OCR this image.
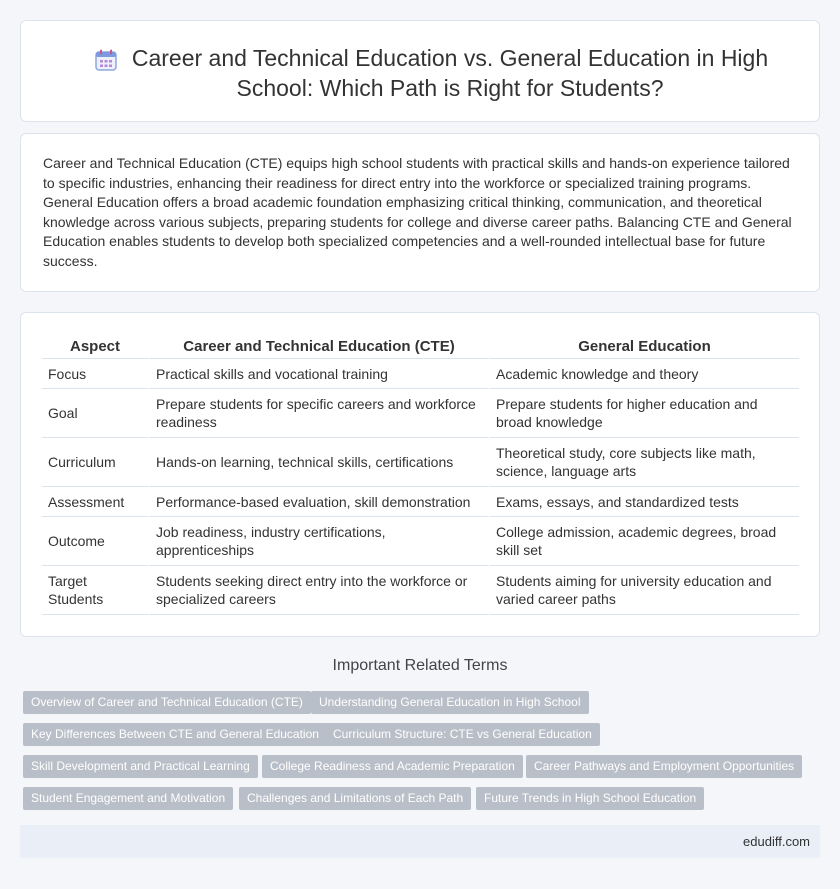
Career and Technical Education vs. General Education in High School: Which Path is Right for Students?

Career and Technical Education (CTE) equips high school students with practical skills and hands-on experience tailored to specific industries, enhancing their readiness for direct entry into the workforce or specialized training programs. General Education offers a broad academic foundation emphasizing critical thinking, communication, and theoretical knowledge across various subjects, preparing students for college and diverse career paths. Balancing CTE and General Education enables students to develop both specialized competencies and a well-rounded intellectual base for future success.

Aspect	Career and Technical Education (CTE)	General Education
Focus	Practical skills and vocational training	Academic knowledge and theory
Goal	Prepare students for specific careers and workforce readiness	Prepare students for higher education and broad knowledge
Curriculum	Hands-on learning, technical skills, certifications	Theoretical study, core subjects like math, science, language arts
Assessment	Performance-based evaluation, skill demonstration	Exams, essays, and standardized tests
Outcome	Job readiness, industry certifications, apprenticeships	College admission, academic degrees, broad skill set
Target Students	Students seeking direct entry into the workforce or specialized careers	Students aiming for university education and varied career paths
Important Related Terms
Overview of Career and Technical Education (CTE)	Understanding General Education in High School
Key Differences Between CTE and General Education	Curriculum Structure: CTE vs General Education
Skill Development and Practical Learning	College Readiness and Academic Preparation	Career Pathways and Employment Opportunities
Student Engagement and Motivation	Challenges and Limitations of Each Path	Future Trends in High School Education
edudiff.com
